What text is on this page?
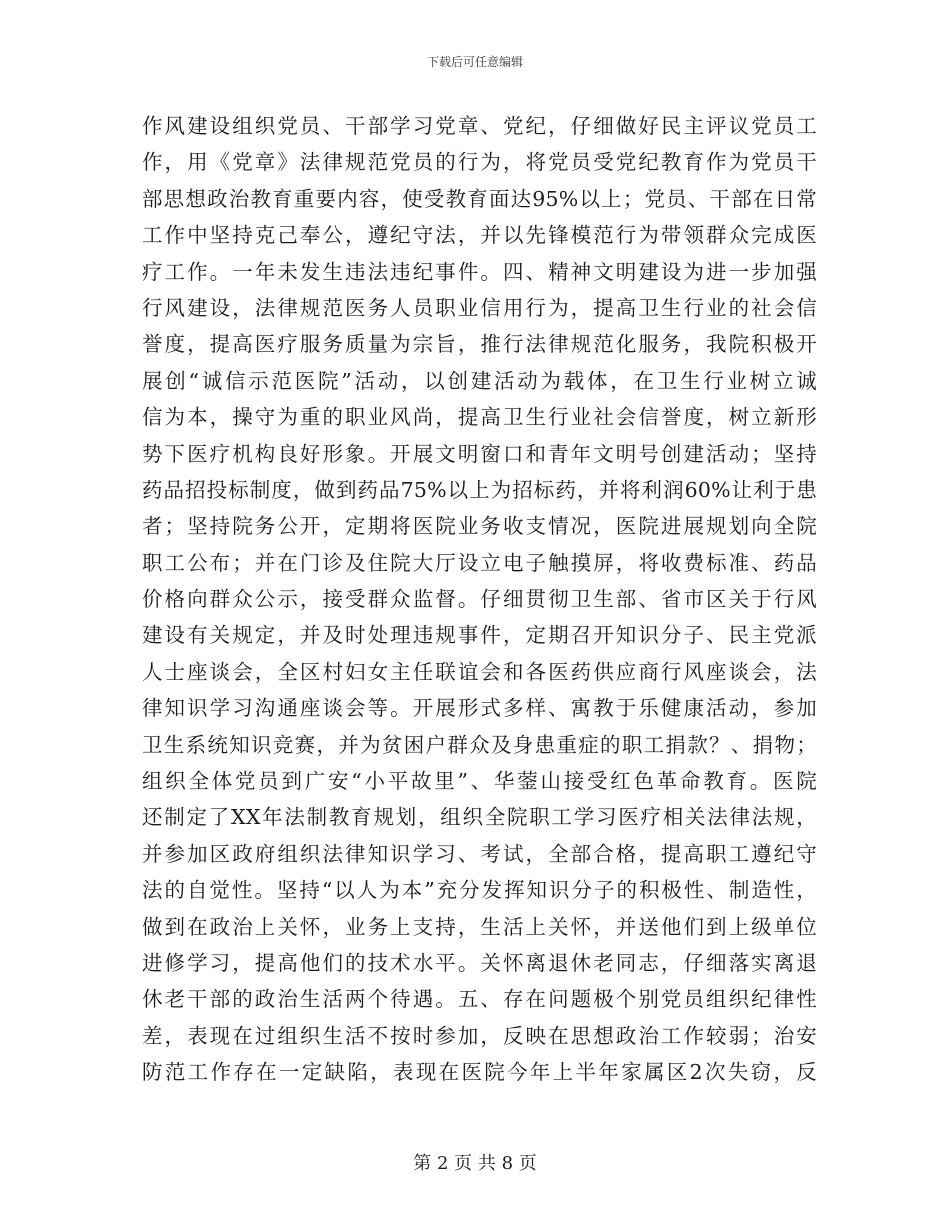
下载后可任意编辑
作风建设组织党员、干部学习党章、党纪，仔细做好民主评议党员工
作，用《党章》法律规范党员的行为，将党员受党纪教育作为党员干
部思想政治教育重要内容，使受教育面达95%以上；党员、干部在日常
工作中坚持克己奉公，遵纪守法，并以先锋模范行为带领群众完成医
疗工作。一年未发生违法违纪事件。四、精神文明建设为进一步加强
行风建设，法律规范医务人员职业信用行为，提高卫生行业的社会信
誉度，提高医疗服务质量为宗旨，推行法律规范化服务，我院积极开
展创“诚信示范医院”活动，以创建活动为载体，在卫生行业树立诚
信为本，操守为重的职业风尚，提高卫生行业社会信誉度，树立新形
势下医疗机构良好形象。开展文明窗口和青年文明号创建活动；坚持
药品招投标制度，做到药品75%以上为招标药，并将利润60%让利于患
者；坚持院务公开，定期将医院业务收支情况，医院进展规划向全院
职工公布；并在门诊及住院大厅设立电子触摸屏，将收费标准、药品
价格向群众公示，接受群众监督。仔细贯彻卫生部、省市区关于行风
建设有关规定，并及时处理违规事件，定期召开知识分子、民主党派
人士座谈会，全区村妇女主任联谊会和各医药供应商行风座谈会，法
律知识学习沟通座谈会等。开展形式多样、寓教于乐健康活动，参加
卫生系统知识竞赛，并为贫困户群众及身患重症的职工捐款？、捐物；
组织全体党员到广安“小平故里”、华蓥山接受红色革命教育。医院
还制定了XX年法制教育规划，组织全院职工学习医疗相关法律法规，
并参加区政府组织法律知识学习、考试，全部合格，提高职工遵纪守
法的自觉性。坚持“以人为本”充分发挥知识分子的积极性、制造性，
做到在政治上关怀，业务上支持，生活上关怀，并送他们到上级单位
进修学习，提高他们的技术水平。关怀离退休老同志，仔细落实离退
休老干部的政治生活两个待遇。五、存在问题极个别党员组织纪律性
差，表现在过组织生活不按时参加，反映在思想政治工作较弱；治安
防范工作存在一定缺陷，表现在医院今年上半年家属区2次失窃，反
第 2 页 共 8 页
